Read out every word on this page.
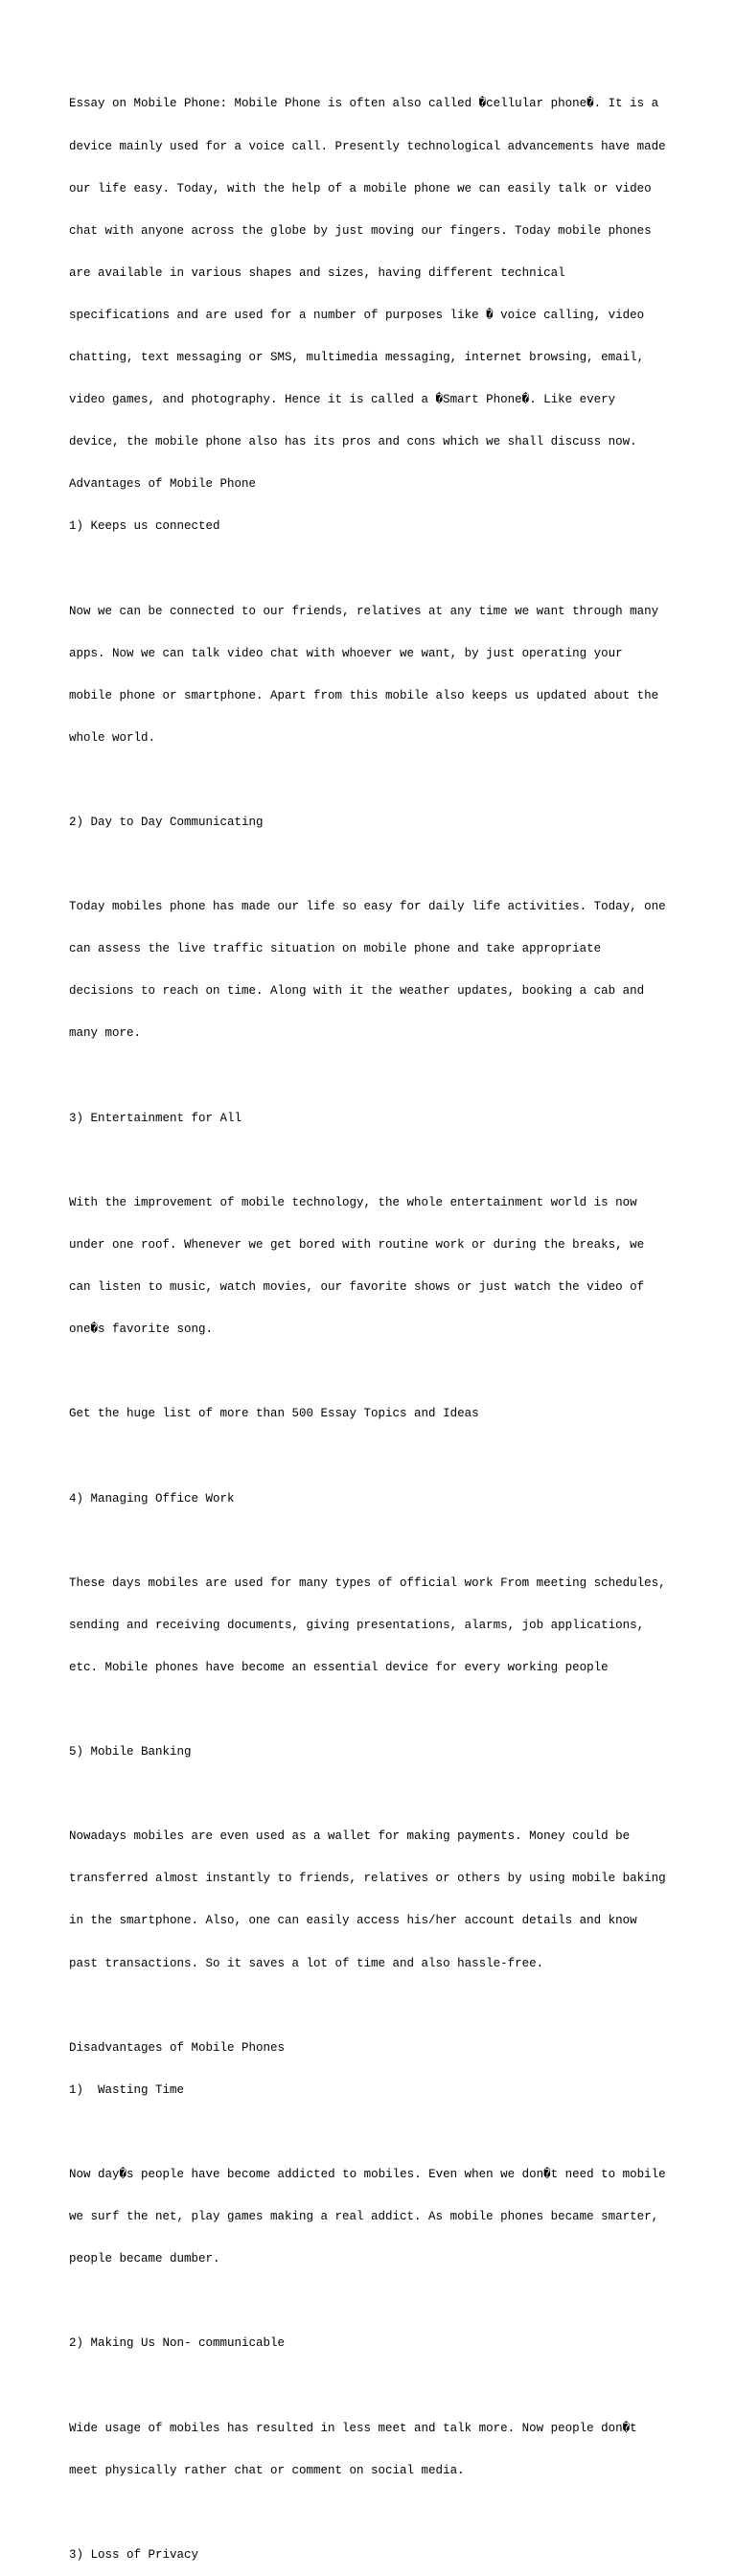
Essay on Mobile Phone: Mobile Phone is often also called �cellular phone�. It is a

device mainly used for a voice call. Presently technological advancements have made

our life easy. Today, with the help of a mobile phone we can easily talk or video

chat with anyone across the globe by just moving our fingers. Today mobile phones

are available in various shapes and sizes, having different technical

specifications and are used for a number of purposes like � voice calling, video

chatting, text messaging or SMS, multimedia messaging, internet browsing, email,

video games, and photography. Hence it is called a �Smart Phone�. Like every

device, the mobile phone also has its pros and cons which we shall discuss now.

Advantages of Mobile Phone

1) Keeps us connected

Now we can be connected to our friends, relatives at any time we want through many

apps. Now we can talk video chat with whoever we want, by just operating your

mobile phone or smartphone. Apart from this mobile also keeps us updated about the

whole world.

2) Day to Day Communicating

Today mobiles phone has made our life so easy for daily life activities. Today, one

can assess the live traffic situation on mobile phone and take appropriate

decisions to reach on time. Along with it the weather updates, booking a cab and

many more.

3) Entertainment for All

With the improvement of mobile technology, the whole entertainment world is now

under one roof. Whenever we get bored with routine work or during the breaks, we

can listen to music, watch movies, our favorite shows or just watch the video of

one�s favorite song.

Get the huge list of more than 500 Essay Topics and Ideas

4) Managing Office Work

These days mobiles are used for many types of official work From meeting schedules,

sending and receiving documents, giving presentations, alarms, job applications,

etc. Mobile phones have become an essential device for every working people

5) Mobile Banking

Nowadays mobiles are even used as a wallet for making payments. Money could be

transferred almost instantly to friends, relatives or others by using mobile baking

in the smartphone. Also, one can easily access his/her account details and know

past transactions. So it saves a lot of time and also hassle-free.

Disadvantages of Mobile Phones

1)  Wasting Time

Now day�s people have become addicted to mobiles. Even when we don�t need to mobile

we surf the net, play games making a real addict. As mobile phones became smarter,

people became dumber.

2) Making Us Non- communicable

Wide usage of mobiles has resulted in less meet and talk more. Now people don�t

meet physically rather chat or comment on social media.

3) Loss of Privacy
